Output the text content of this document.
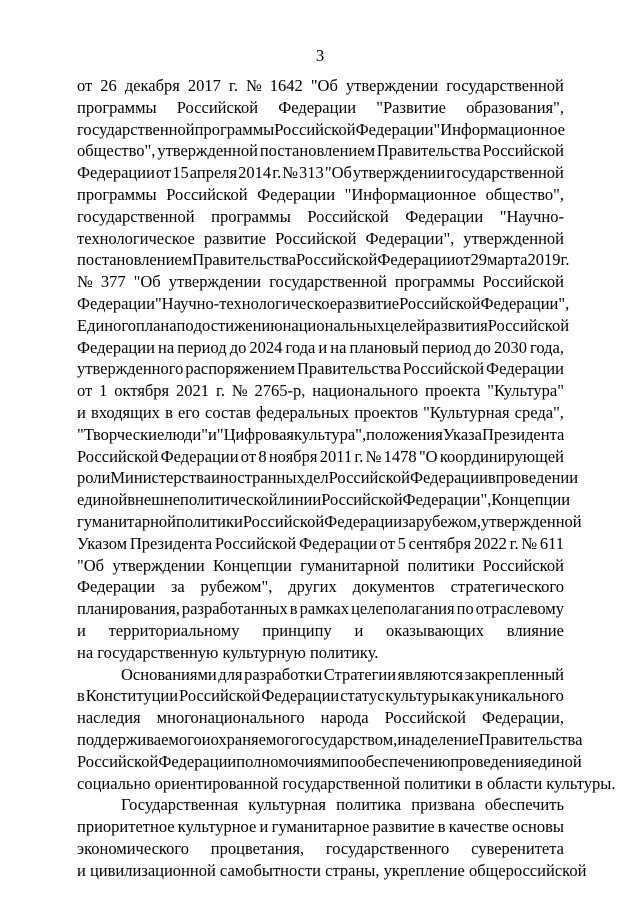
3
от 26 декабря 2017 г. № 1642 "Об утверждении государственной
программы Российской Федерации "Развитие образования",
государственной программы Российской Федерации "Информационное
общество", утвержденной постановлением Правительства Российской
Федерации от 15 апреля 2014 г. № 313 "Об утверждении государственной
программы Российской Федерации "Информационное общество",
государственной программы Российской Федерации "Научно-
технологическое развитие Российской Федерации", утвержденной
постановлением Правительства Российской Федерации от 29 марта 2019 г.
№ 377 "Об утверждении государственной программы Российской
Федерации "Научно-технологическое развитие Российской Федерации",
Единого плана по достижению национальных целей развития Российской
Федерации на период до 2024 года и на плановый период до 2030 года,
утвержденного распоряжением Правительства Российской Федерации
от 1 октября 2021 г. № 2765-р, национального проекта "Культура"
и входящих в его состав федеральных проектов "Культурная среда",
"Творческие люди" и "Цифровая культура", положения Указа Президента
Российской Федерации от 8 ноября 2011 г. № 1478 "О координирующей
роли Министерства иностранных дел Российской Федерации в проведении
единой внешнеполитической линии Российской Федерации", Концепции
гуманитарной политики Российской Федерации за рубежом, утвержденной
Указом Президента Российской Федерации от 5 сентября 2022 г. № 611
"Об утверждении Концепции гуманитарной политики Российской
Федерации за рубежом", других документов стратегического
планирования, разработанных в рамках целеполагания по отраслевому
и территориальному принципу и оказывающих влияние
на государственную культурную политику.
Основаниями для разработки Стратегии являются закрепленный
в Конституции Российской Федерации статус культуры как уникального
наследия многонационального народа Российской Федерации,
поддерживаемого и охраняемого государством, и наделение Правительства
Российской Федерации полномочиями по обеспечению проведения единой
социально ориентированной государственной политики в области культуры.
Государственная культурная политика призвана обеспечить
приоритетное культурное и гуманитарное развитие в качестве основы
экономического процветания, государственного суверенитета
и цивилизационной самобытности страны, укрепление общероссийской
